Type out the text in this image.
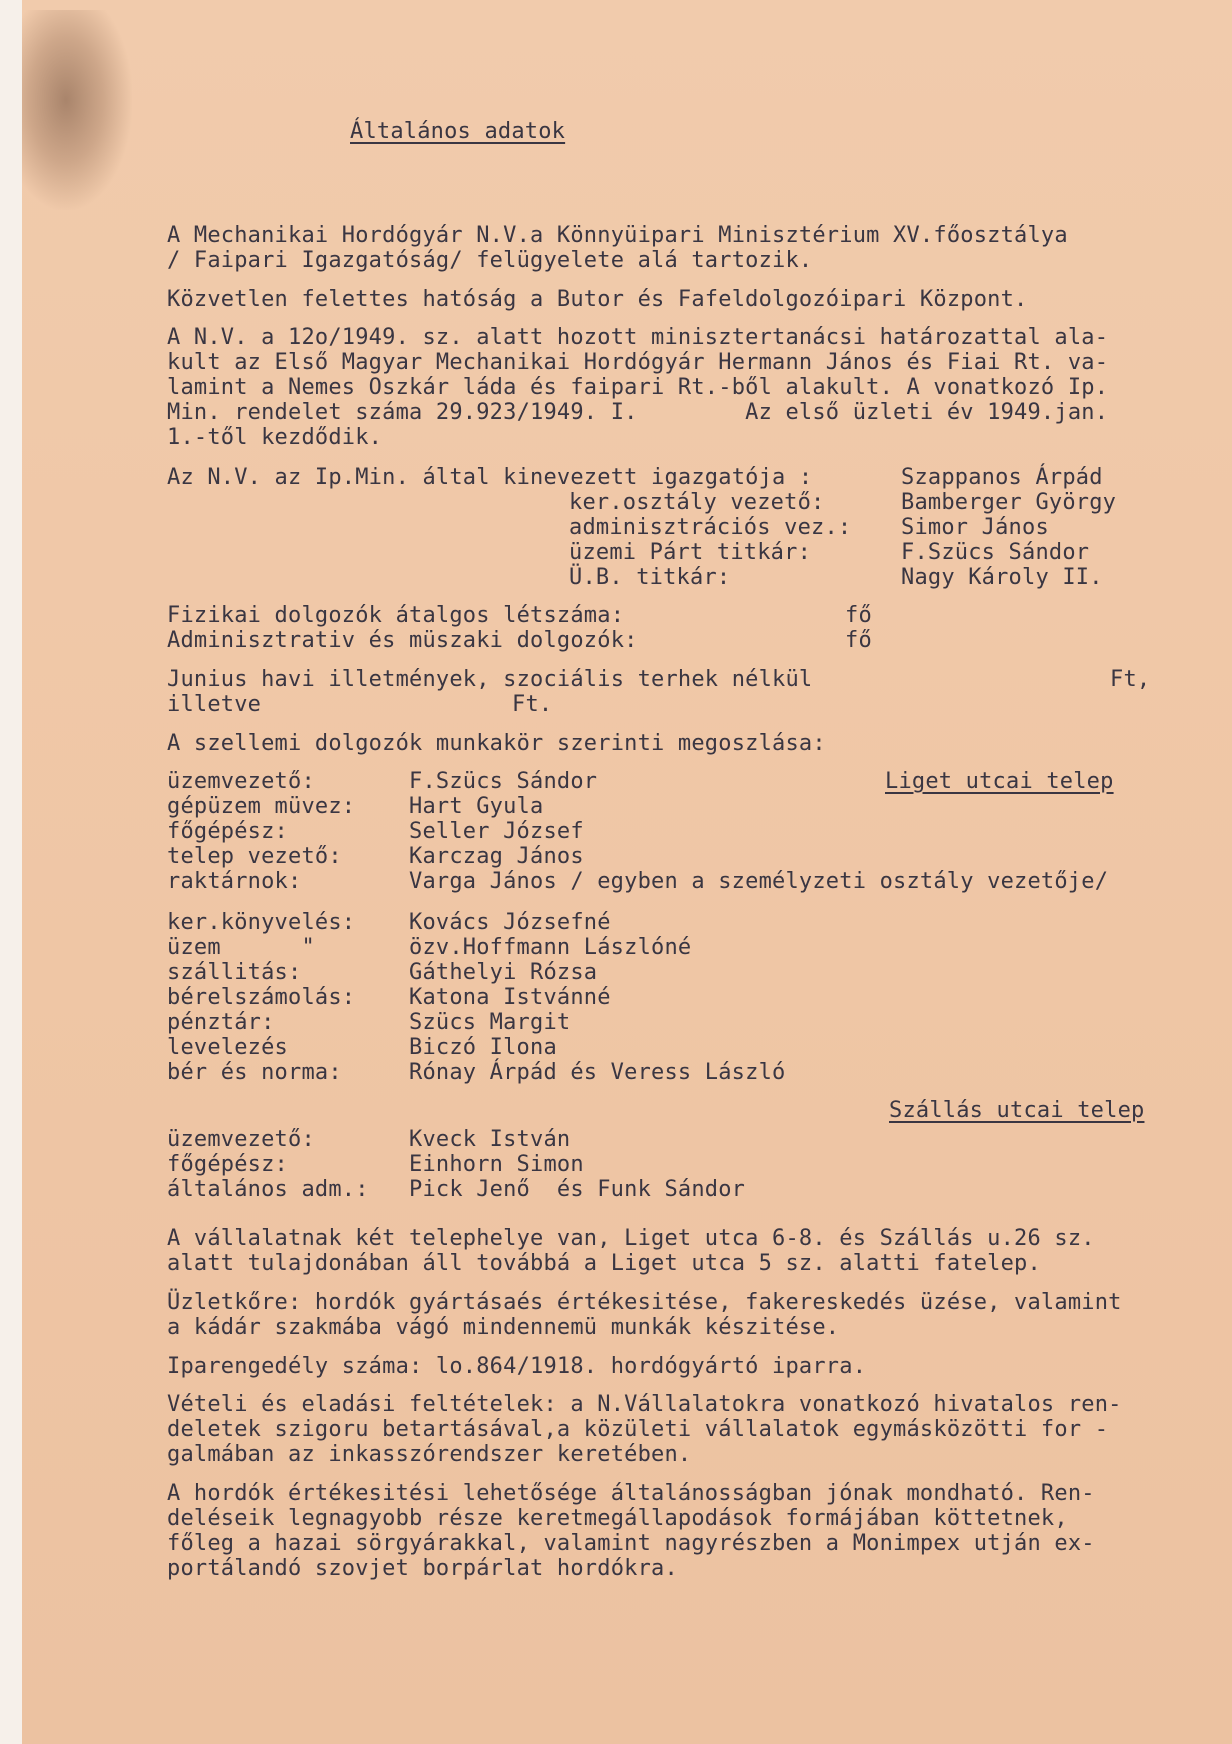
Általános adatok

A Mechanikai Hordógyár N.V.a Könnyüipari Minisztérium XV.főosztálya

/ Faipari Igazgatóság/ felügyelete alá tartozik.

Közvetlen felettes hatóság a Butor és Fafeldolgozóipari Központ.

A N.V. a 12o/1949. sz. alatt hozott minisztertanácsi határozattal ala-

kult az Első Magyar Mechanikai Hordógyár Hermann János és Fiai Rt. va-

lamint a Nemes Oszkár láda és faipari Rt.-ből alakult. A vonatkozó Ip.

Min. rendelet száma 29.923/1949. I.        Az első üzleti év 1949.jan.

1.-től kezdődik.

Az N.V. az Ip.Min. által kinevezett igazgatója :	Szappanos Árpád

ker.osztály vezető:	Bamberger György

adminisztrációs vez.: Simor János

üzemi Párt titkár:	F.Szücs Sándor

Ü.B. titkár:	Nagy Károly II.

Fizikai dolgozók átalgos létszáma:	fő

Adminisztrativ és müszaki dolgozók:	fő

Junius havi illetmények, szociális terhek nélkül	Ft,

illetve	Ft.

A szellemi dolgozók munkakör szerinti megoszlása:

Liget utcai telep

üzemvezető:	F.Szücs Sándor

gépüzem müvez: Hart Gyula

főgépész:	Seller József

telep vezető:	Karczag János

raktárnok:	Varga János / egyben a személyzeti osztály vezetője/

ker.könyvelés: Kovács Józsefné

üzem      "	özv.Hoffmann Lászlóné

szállitás:	Gáthelyi Rózsa

bérelszámolás: Katona Istvánné

pénztár:	Szücs Margit

levelezés	Biczó Ilona

bér és norma:	Rónay Árpád és Veress László

Szállás utcai telep

üzemvezető:	Kveck István

főgépész:	Einhorn Simon

általános adm.: Pick Jenő  és Funk Sándor

A vállalatnak két telephelye van, Liget utca 6-8. és Szállás u.26 sz.

alatt tulajdonában áll továbbá a Liget utca 5 sz. alatti fatelep.

Üzletkőre: hordók gyártásaés értékesitése, fakereskedés üzése, valamint

a kádár szakmába vágó mindennemü munkák készitése.

Iparengedély száma: lo.864/1918. hordógyártó iparra.

Vételi és eladási feltételek: a N.Vállalatokra vonatkozó hivatalos ren-

deletek szigoru betartásával,a közületi vállalatok egymásközötti for -

galmában az inkasszórendszer keretében.

A hordók értékesitési lehetősége általánosságban jónak mondható. Ren-

deléseik legnagyobb része keretmegállapodások formájában köttetnek,

főleg a hazai sörgyárakkal, valamint nagyrészben a Monimpex utján ex-

portálandó szovjet borpárlat hordókra.
